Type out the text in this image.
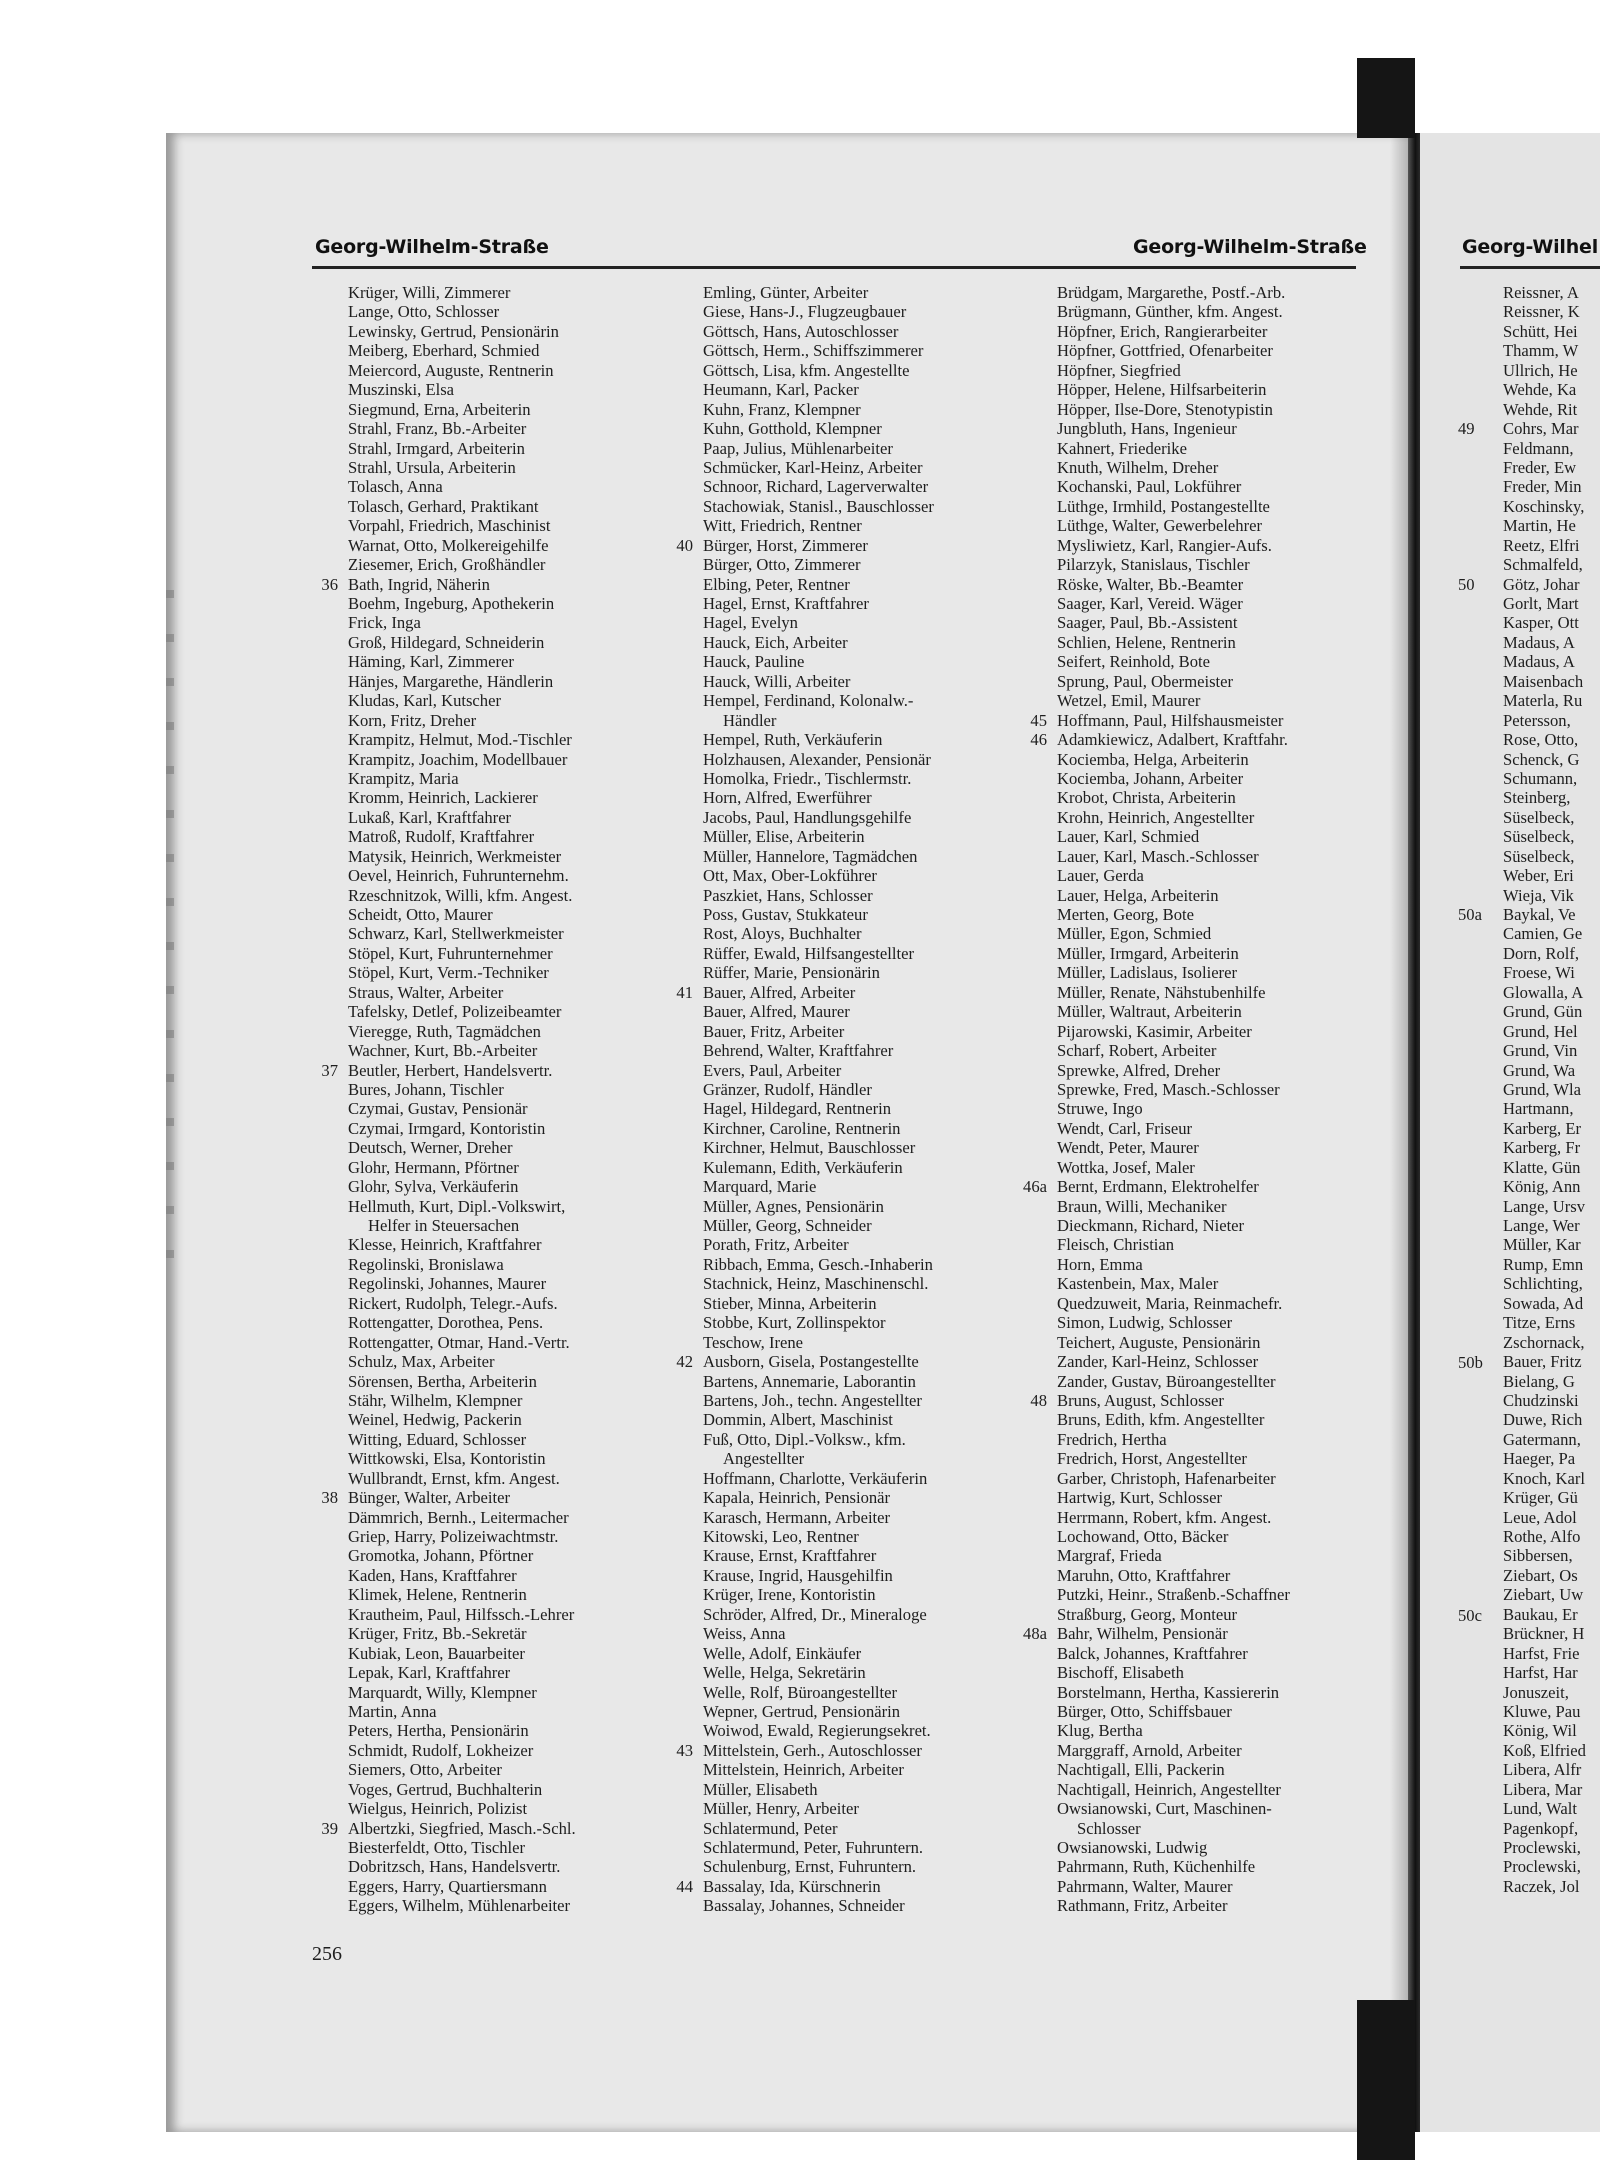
Georg-Wilhelm-Straße	Georg-Wilhelm-Straße	Georg-Wilhel
Krüger, Willi, Zimmerer
Lange, Otto, Schlosser
Lewinsky, Gertrud, Pensionärin
Meiberg, Eberhard, Schmied
Meiercord, Auguste, Rentnerin
Muszinski, Elsa
Siegmund, Erna, Arbeiterin
Strahl, Franz, Bb.-Arbeiter
Strahl, Irmgard, Arbeiterin
Strahl, Ursula, Arbeiterin
Tolasch, Anna
Tolasch, Gerhard, Praktikant
Vorpahl, Friedrich, Maschinist
Warnat, Otto, Molkereigehilfe
Ziesemer, Erich, Großhändler
36 Bath, Ingrid, Näherin
Boehm, Ingeburg, Apothekerin
Frick, Inga
Groß, Hildegard, Schneiderin
Häming, Karl, Zimmerer
Hänjes, Margarethe, Händlerin
Kludas, Karl, Kutscher
Korn, Fritz, Dreher
Krampitz, Helmut, Mod.-Tischler
Krampitz, Joachim, Modellbauer
Krampitz, Maria
Kromm, Heinrich, Lackierer
Lukaß, Karl, Kraftfahrer
Matroß, Rudolf, Kraftfahrer
Matysik, Heinrich, Werkmeister
Oevel, Heinrich, Fuhrunternehm.
Rzeschnitzok, Willi, kfm. Angest.
Scheidt, Otto, Maurer
Schwarz, Karl, Stellwerkmeister
Stöpel, Kurt, Fuhrunternehmer
Stöpel, Kurt, Verm.-Techniker
Straus, Walter, Arbeiter
Tafelsky, Detlef, Polizeibeamter
Vieregge, Ruth, Tagmädchen
Wachner, Kurt, Bb.-Arbeiter
37 Beutler, Herbert, Handelsvertr.
Bures, Johann, Tischler
Czymai, Gustav, Pensionär
Czymai, Irmgard, Kontoristin
Deutsch, Werner, Dreher
Glohr, Hermann, Pförtner
Glohr, Sylva, Verkäuferin
Hellmuth, Kurt, Dipl.-Volkswirt,
Helfer in Steuersachen
Klesse, Heinrich, Kraftfahrer
Regolinski, Bronislawa
Regolinski, Johannes, Maurer
Rickert, Rudolph, Telegr.-Aufs.
Rottengatter, Dorothea, Pens.
Rottengatter, Otmar, Hand.-Vertr.
Schulz, Max, Arbeiter
Sörensen, Bertha, Arbeiterin
Stähr, Wilhelm, Klempner
Weinel, Hedwig, Packerin
Witting, Eduard, Schlosser
Wittkowski, Elsa, Kontoristin
Wullbrandt, Ernst, kfm. Angest.
38 Bünger, Walter, Arbeiter
Dämmrich, Bernh., Leitermacher
Griep, Harry, Polizeiwachtmstr.
Gromotka, Johann, Pförtner
Kaden, Hans, Kraftfahrer
Klimek, Helene, Rentnerin
Krautheim, Paul, Hilfssch.-Lehrer
Krüger, Fritz, Bb.-Sekretär
Kubiak, Leon, Bauarbeiter
Lepak, Karl, Kraftfahrer
Marquardt, Willy, Klempner
Martin, Anna
Peters, Hertha, Pensionärin
Schmidt, Rudolf, Lokheizer
Siemers, Otto, Arbeiter
Voges, Gertrud, Buchhalterin
Wielgus, Heinrich, Polizist
39 Albertzki, Siegfried, Masch.-Schl.
Biesterfeldt, Otto, Tischler
Dobritzsch, Hans, Handelsvertr.
Eggers, Harry, Quartiersmann
Eggers, Wilhelm, Mühlenarbeiter
Emling, Günter, Arbeiter
Giese, Hans-J., Flugzeugbauer
Göttsch, Hans, Autoschlosser
Göttsch, Herm., Schiffszimmerer
Göttsch, Lisa, kfm. Angestellte
Heumann, Karl, Packer
Kuhn, Franz, Klempner
Kuhn, Gotthold, Klempner
Paap, Julius, Mühlenarbeiter
Schmücker, Karl-Heinz, Arbeiter
Schnoor, Richard, Lagerverwalter
Stachowiak, Stanisl., Bauschlosser
Witt, Friedrich, Rentner
40 Bürger, Horst, Zimmerer
Bürger, Otto, Zimmerer
Elbing, Peter, Rentner
Hagel, Ernst, Kraftfahrer
Hagel, Evelyn
Hauck, Eich, Arbeiter
Hauck, Pauline
Hauck, Willi, Arbeiter
Hempel, Ferdinand, Kolonalw.-
Händler
Hempel, Ruth, Verkäuferin
Holzhausen, Alexander, Pensionär
Homolka, Friedr., Tischlermstr.
Horn, Alfred, Ewerführer
Jacobs, Paul, Handlungsgehilfe
Müller, Elise, Arbeiterin
Müller, Hannelore, Tagmädchen
Ott, Max, Ober-Lokführer
Paszkiet, Hans, Schlosser
Poss, Gustav, Stukkateur
Rost, Aloys, Buchhalter
Rüffer, Ewald, Hilfsangestellter
Rüffer, Marie, Pensionärin
41 Bauer, Alfred, Arbeiter
Bauer, Alfred, Maurer
Bauer, Fritz, Arbeiter
Behrend, Walter, Kraftfahrer
Evers, Paul, Arbeiter
Gränzer, Rudolf, Händler
Hagel, Hildegard, Rentnerin
Kirchner, Caroline, Rentnerin
Kirchner, Helmut, Bauschlosser
Kulemann, Edith, Verkäuferin
Marquard, Marie
Müller, Agnes, Pensionärin
Müller, Georg, Schneider
Porath, Fritz, Arbeiter
Ribbach, Emma, Gesch.-Inhaberin
Stachnick, Heinz, Maschinenschl.
Stieber, Minna, Arbeiterin
Stobbe, Kurt, Zollinspektor
Teschow, Irene
42 Ausborn, Gisela, Postangestellte
Bartens, Annemarie, Laborantin
Bartens, Joh., techn. Angestellter
Dommin, Albert, Maschinist
Fuß, Otto, Dipl.-Volksw., kfm.
Angestellter
Hoffmann, Charlotte, Verkäuferin
Kapala, Heinrich, Pensionär
Karasch, Hermann, Arbeiter
Kitowski, Leo, Rentner
Krause, Ernst, Kraftfahrer
Krause, Ingrid, Hausgehilfin
Krüger, Irene, Kontoristin
Schröder, Alfred, Dr., Mineraloge
Weiss, Anna
Welle, Adolf, Einkäufer
Welle, Helga, Sekretärin
Welle, Rolf, Büroangestellter
Wepner, Gertrud, Pensionärin
Woiwod, Ewald, Regierungsekret.
43 Mittelstein, Gerh., Autoschlosser
Mittelstein, Heinrich, Arbeiter
Müller, Elisabeth
Müller, Henry, Arbeiter
Schlatermund, Peter
Schlatermund, Peter, Fuhruntern.
Schulenburg, Ernst, Fuhruntern.
44 Bassalay, Ida, Kürschnerin
Bassalay, Johannes, Schneider
Brüdgam, Margarethe, Postf.-Arb.
Brügmann, Günther, kfm. Angest.
Höpfner, Erich, Rangierarbeiter
Höpfner, Gottfried, Ofenarbeiter
Höpfner, Siegfried
Höpper, Helene, Hilfsarbeiterin
Höpper, Ilse-Dore, Stenotypistin
Jungbluth, Hans, Ingenieur
Kahnert, Friederike
Knuth, Wilhelm, Dreher
Kochanski, Paul, Lokführer
Lüthge, Irmhild, Postangestellte
Lüthge, Walter, Gewerbelehrer
Mysliwietz, Karl, Rangier-Aufs.
Pilarzyk, Stanislaus, Tischler
Röske, Walter, Bb.-Beamter
Saager, Karl, Vereid. Wäger
Saager, Paul, Bb.-Assistent
Schlien, Helene, Rentnerin
Seifert, Reinhold, Bote
Sprung, Paul, Obermeister
Wetzel, Emil, Maurer
45 Hoffmann, Paul, Hilfshausmeister
46 Adamkiewicz, Adalbert, Kraftfahr.
Kociemba, Helga, Arbeiterin
Kociemba, Johann, Arbeiter
Krobot, Christa, Arbeiterin
Krohn, Heinrich, Angestellter
Lauer, Karl, Schmied
Lauer, Karl, Masch.-Schlosser
Lauer, Gerda
Lauer, Helga, Arbeiterin
Merten, Georg, Bote
Müller, Egon, Schmied
Müller, Irmgard, Arbeiterin
Müller, Ladislaus, Isolierer
Müller, Renate, Nähstubenhilfe
Müller, Waltraut, Arbeiterin
Pijarowski, Kasimir, Arbeiter
Scharf, Robert, Arbeiter
Sprewke, Alfred, Dreher
Sprewke, Fred, Masch.-Schlosser
Struwe, Ingo
Wendt, Carl, Friseur
Wendt, Peter, Maurer
Wottka, Josef, Maler
46a Bernt, Erdmann, Elektrohelfer
Braun, Willi, Mechaniker
Dieckmann, Richard, Nieter
Fleisch, Christian
Horn, Emma
Kastenbein, Max, Maler
Quedzuweit, Maria, Reinmachefr.
Simon, Ludwig, Schlosser
Teichert, Auguste, Pensionärin
Zander, Karl-Heinz, Schlosser
Zander, Gustav, Büroangestellter
48 Bruns, August, Schlosser
Bruns, Edith, kfm. Angestellter
Fredrich, Hertha
Fredrich, Horst, Angestellter
Garber, Christoph, Hafenarbeiter
Hartwig, Kurt, Schlosser
Herrmann, Robert, kfm. Angest.
Lochowand, Otto, Bäcker
Margraf, Frieda
Maruhn, Otto, Kraftfahrer
Putzki, Heinr., Straßenb.-Schaffner
Straßburg, Georg, Monteur
48a Bahr, Wilhelm, Pensionär
Balck, Johannes, Kraftfahrer
Bischoff, Elisabeth
Borstelmann, Hertha, Kassiererin
Bürger, Otto, Schiffsbauer
Klug, Bertha
Marggraff, Arnold, Arbeiter
Nachtigall, Elli, Packerin
Nachtigall, Heinrich, Angestellter
Owsianowski, Curt, Maschinen-
Schlosser
Owsianowski, Ludwig
Pahrmann, Ruth, Küchenhilfe
Pahrmann, Walter, Maurer
Rathmann, Fritz, Arbeiter
Reissner, A
Reissner, K
Schütt, Hei
Thamm, W
Ullrich, He
Wehde, Ka
Wehde, Rit
Cohrs, Mar
Feldmann,
Freder, Ew
Freder, Min
Koschinsky,
Martin, He
Reetz, Elfri
Schmalfeld,
Götz, Johar
Gorlt, Mart
Kasper, Ott
Madaus, A
Madaus, A
Maisenbach
Materla, Ru
Petersson,
Rose, Otto,
Schenck, G
Schumann,
Steinberg,
Süselbeck,
Süselbeck,
Süselbeck,
Weber, Eri
Wieja, Vik
Baykal, Ve
Camien, Ge
Dorn, Rolf,
Froese, Wi
Glowalla, A
Grund, Gün
Grund, Hel
Grund, Vin
Grund, Wa
Grund, Wla
Hartmann,
Karberg, Er
Karberg, Fr
Klatte, Gün
König, Ann
Lange, Ursv
Lange, Wer
Müller, Kar
Rump, Emn
Schlichting,
Sowada, Ad
Titze, Erns
Zschornack,
Bauer, Fritz
Bielang, G
Chudzinski
Duwe, Rich
Gatermann,
Haeger, Pa
Knoch, Karl
Krüger, Gü
Leue, Adol
Rothe, Alfo
Sibbersen,
Ziebart, Os
Ziebart, Uw
Baukau, Er
Brückner, H
Harfst, Frie
Harfst, Har
Jonuszeit,
Kluwe, Pau
König, Wil
Koß, Elfried
Libera, Alfr
Libera, Mar
Lund, Walt
Pagenkopf,
Proclewski,
Proclewski,
Raczek, Jol
256
49
50
50a
50b
50c
